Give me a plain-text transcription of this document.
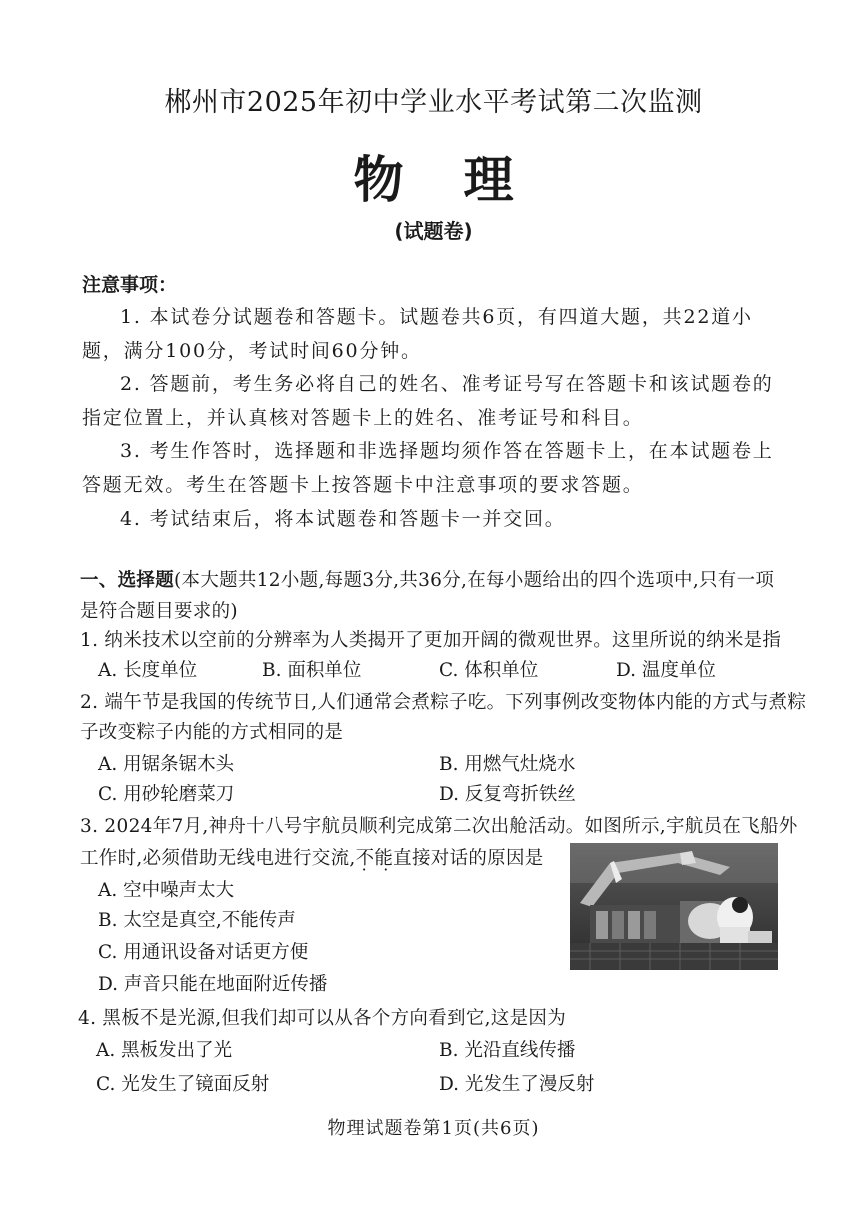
郴州市2025年初中学业水平考试第二次监测
物理
(试题卷)
注意事项：
1. 本试卷分试题卷和答题卡。试题卷共6页，有四道大题，共22道小
题，满分100分，考试时间60分钟。
2. 答题前，考生务必将自己的姓名、准考证号写在答题卡和该试题卷的
指定位置上，并认真核对答题卡上的姓名、准考证号和科目。
3. 考生作答时，选择题和非选择题均须作答在答题卡上，在本试题卷上
答题无效。考生在答题卡上按答题卡中注意事项的要求答题。
4. 考试结束后，将本试题卷和答题卡一并交回。
一、选择题(本大题共12小题,每题3分,共36分,在每小题给出的四个选项中,只有一项
是符合题目要求的)
1. 纳米技术以空前的分辨率为人类揭开了更加开阔的微观世界。这里所说的纳米是指
A. 长度单位	B. 面积单位	C. 体积单位	D. 温度单位
2. 端午节是我国的传统节日,人们通常会煮粽子吃。下列事例改变物体内能的方式与煮粽
子改变粽子内能的方式相同的是
A. 用锯条锯木头	B. 用燃气灶烧水
C. 用砂轮磨菜刀	D. 反复弯折铁丝
3. 2024年7月,神舟十八号宇航员顺利完成第二次出舱活动。如图所示,宇航员在飞船外
工作时,必须借助无线电进行交流,不能 · ·直接对话的原因是
A. 空中噪声太大
B. 太空是真空,不能传声
C. 用通讯设备对话更方便
D. 声音只能在地面附近传播
4. 黑板不是光源,但我们却可以从各个方向看到它,这是因为
A. 黑板发出了光	B. 光沿直线传播
C. 光发生了镜面反射	D. 光发生了漫反射
物理试题卷第1页(共6页)
